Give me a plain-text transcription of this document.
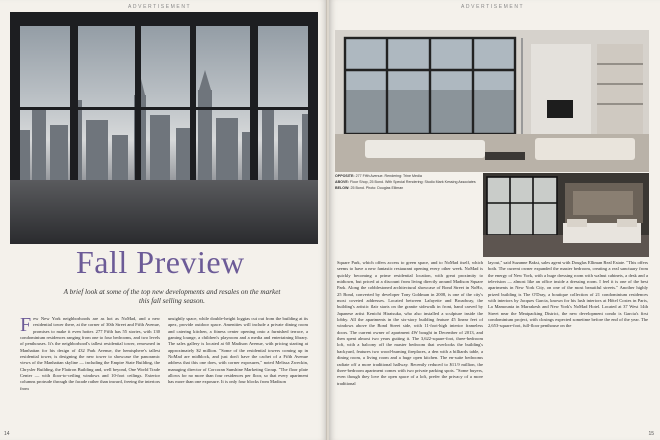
ADVERTISEMENT
Fall Preview
A brief look at some of the top new developments and resales on the market this fall selling season.
Few New York neighborhoods are as hot as NoMad, and a new residential tower there, at the corner of 30th Street and Fifth Avenue, promises to make it even hotter. 277 Fifth has 55 stories, with 130 condominium residences ranging from one to four bedrooms, and two levels of penthouses. It's the neighborhood's tallest residential tower, renowned in Manhattan for his design of 432 Park Avenue, the hemisphere's tallest residential tower, is designing the new tower to showcase the panoramic views of the Manhattan skyline — including the Empire State Building, the Chrysler Building, the Flatiron Building and, well beyond, One World Trade Center — with floor-to-ceiling windows and 10-foot ceilings. Exterior columns protrude through the facade rather than inward, freeing the interiors from
unsightly space, while double-height loggias cut out from the building at its apex, provide outdoor space. Amenities will include a private dining room and catering kitchen, a fitness center opening onto a furnished terrace, a gaming lounge, a children's playroom and a media and entertaining library. The sales gallery is located at 60 Madison Avenue, with pricing starting at approximately $2 million. "Some of the residential towers coming up in NoMad are midblock, and just don't have the cachet of a Fifth Avenue address that this one does, with corner exposures," noted Melissa Zweckin, managing director of Corcoran Sunshine Marketing Group. "The floor plate allows for no more than four residences per floor, so that every apartment has more than one exposure. It is only four blocks from Madison
14
ADVERTISEMENT
15
OPPOSITE: 277 Fifth Avenue. Rendering: Trine Media
ABOVE: Floor Shop, 25 Bond. With Special Rendering: Studio Mark Kessing Associates
BELOW: 25 Bond. Photo: Douglas Elliman
Square Park, which offers access to green space, and to NoMad itself, which seems to have a new fantastic restaurant opening every other week. NoMad is quickly becoming a prime residential location, with great proximity to midtown, but priced at a discount from living directly around Madison Square Park. Along the cobblestoned architectural showcase of Bond Street in NoHo, 25 Bond, converted by developer Tony Goldman in 2008, is one of the city's most coveted addresses. Located between Lafayette and Broadway, the building's artistic flair starts on the granite sidewalk in front, hand carved by Japanese artist Kenichi Hiratsuka, who also installed a sculpture inside the lobby. All the apartments in the six-story building feature 45 linear feet of windows above the Bond Street side, with 11-foot-high interior frameless doors. The current owner of apartment 4W bought in December of 2013, and then spent almost two years gutting it. The 3,622-square-foot, three-bedroom loft, with a balcony off the master bedroom that overlooks the building's backyard, features two wood-burning fireplaces, a den with a billiards table, a dining room, a living room and a huge open kitchen. The en-suite bedrooms radiate off a more traditional hallway. Recently reduced to $11.9 million, the three-bedroom apartment comes with two private parking spots. "Some buyers, even though they love the open space of a loft, prefer the privacy of a more traditional
layout," said Suzanne Bakst, sales agent with Douglas Elliman Real Estate. "This offers both. The current owner expanded the master bedroom, creating a real sanctuary from the energy of New York, with a huge dressing room with walnut cabinets, a desk and a television — almost like an office inside a dressing room. I feel it is one of the best apartments in New York City, on one of the most beautiful streets." Another highly prized building is The O'Dray, a boutique collection of 21 condominium residences with interiors by Jacques Garcia, known for his lush interiors at Hôtel Costes in Paris, La Mamounia in Marrakesh and New York's NoMad Hotel. Located at 37 West 14th Street near the Meatpacking District, the new development condo is Garcia's first condominium project, with closings expected sometime before the end of the year. The 2,653-square-foot, full-floor penthouse on the
